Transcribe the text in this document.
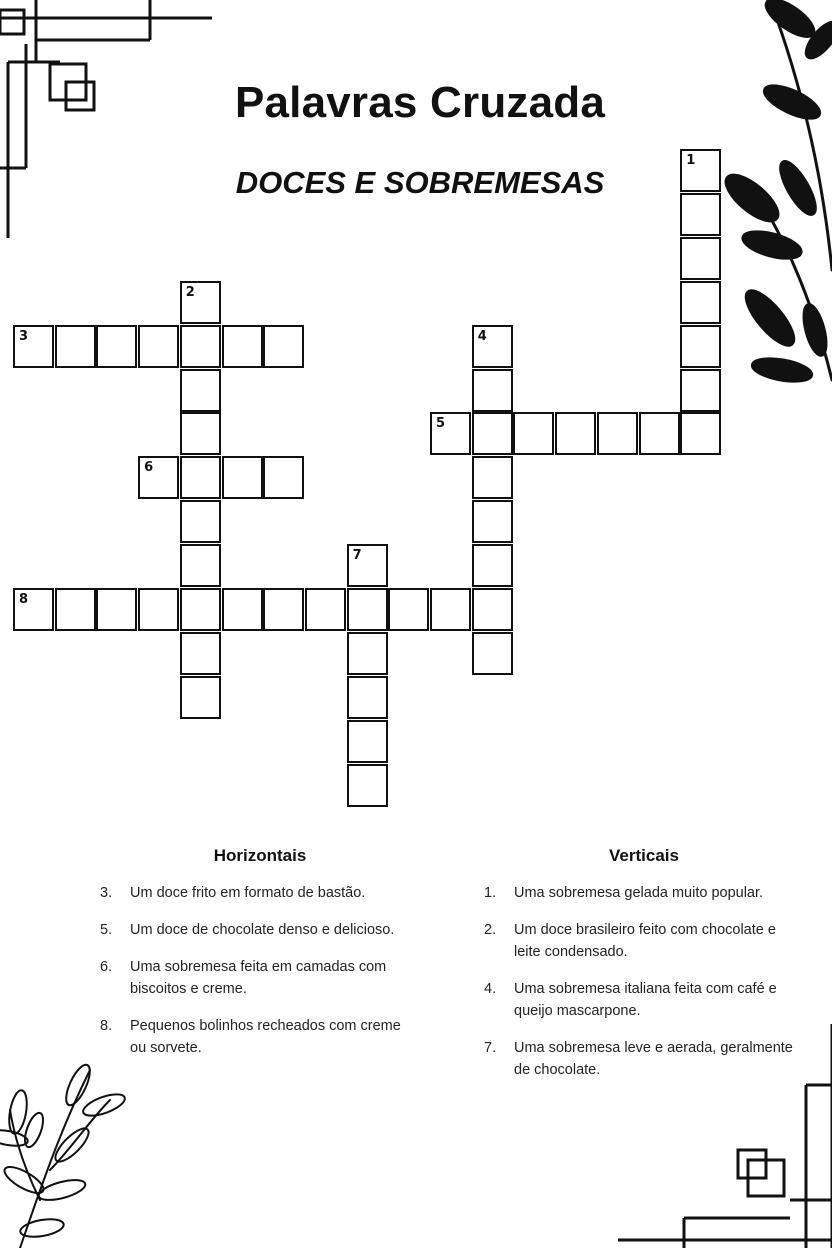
Palavras Cruzada
DOCES E SOBREMESAS
1
2
3	4
5
6
7
8
Horizontais
3. Um doce frito em formato de bastão.
5. Um doce de chocolate denso e delicioso.
6. Uma sobremesa feita em camadas com biscoitos e creme.
8. Pequenos bolinhos recheados com creme ou sorvete.
Verticais
1. Uma sobremesa gelada muito popular.
2. Um doce brasileiro feito com chocolate e leite condensado.
4. Uma sobremesa italiana feita com café e queijo mascarpone.
7. Uma sobremesa leve e aerada, geralmente de chocolate.
